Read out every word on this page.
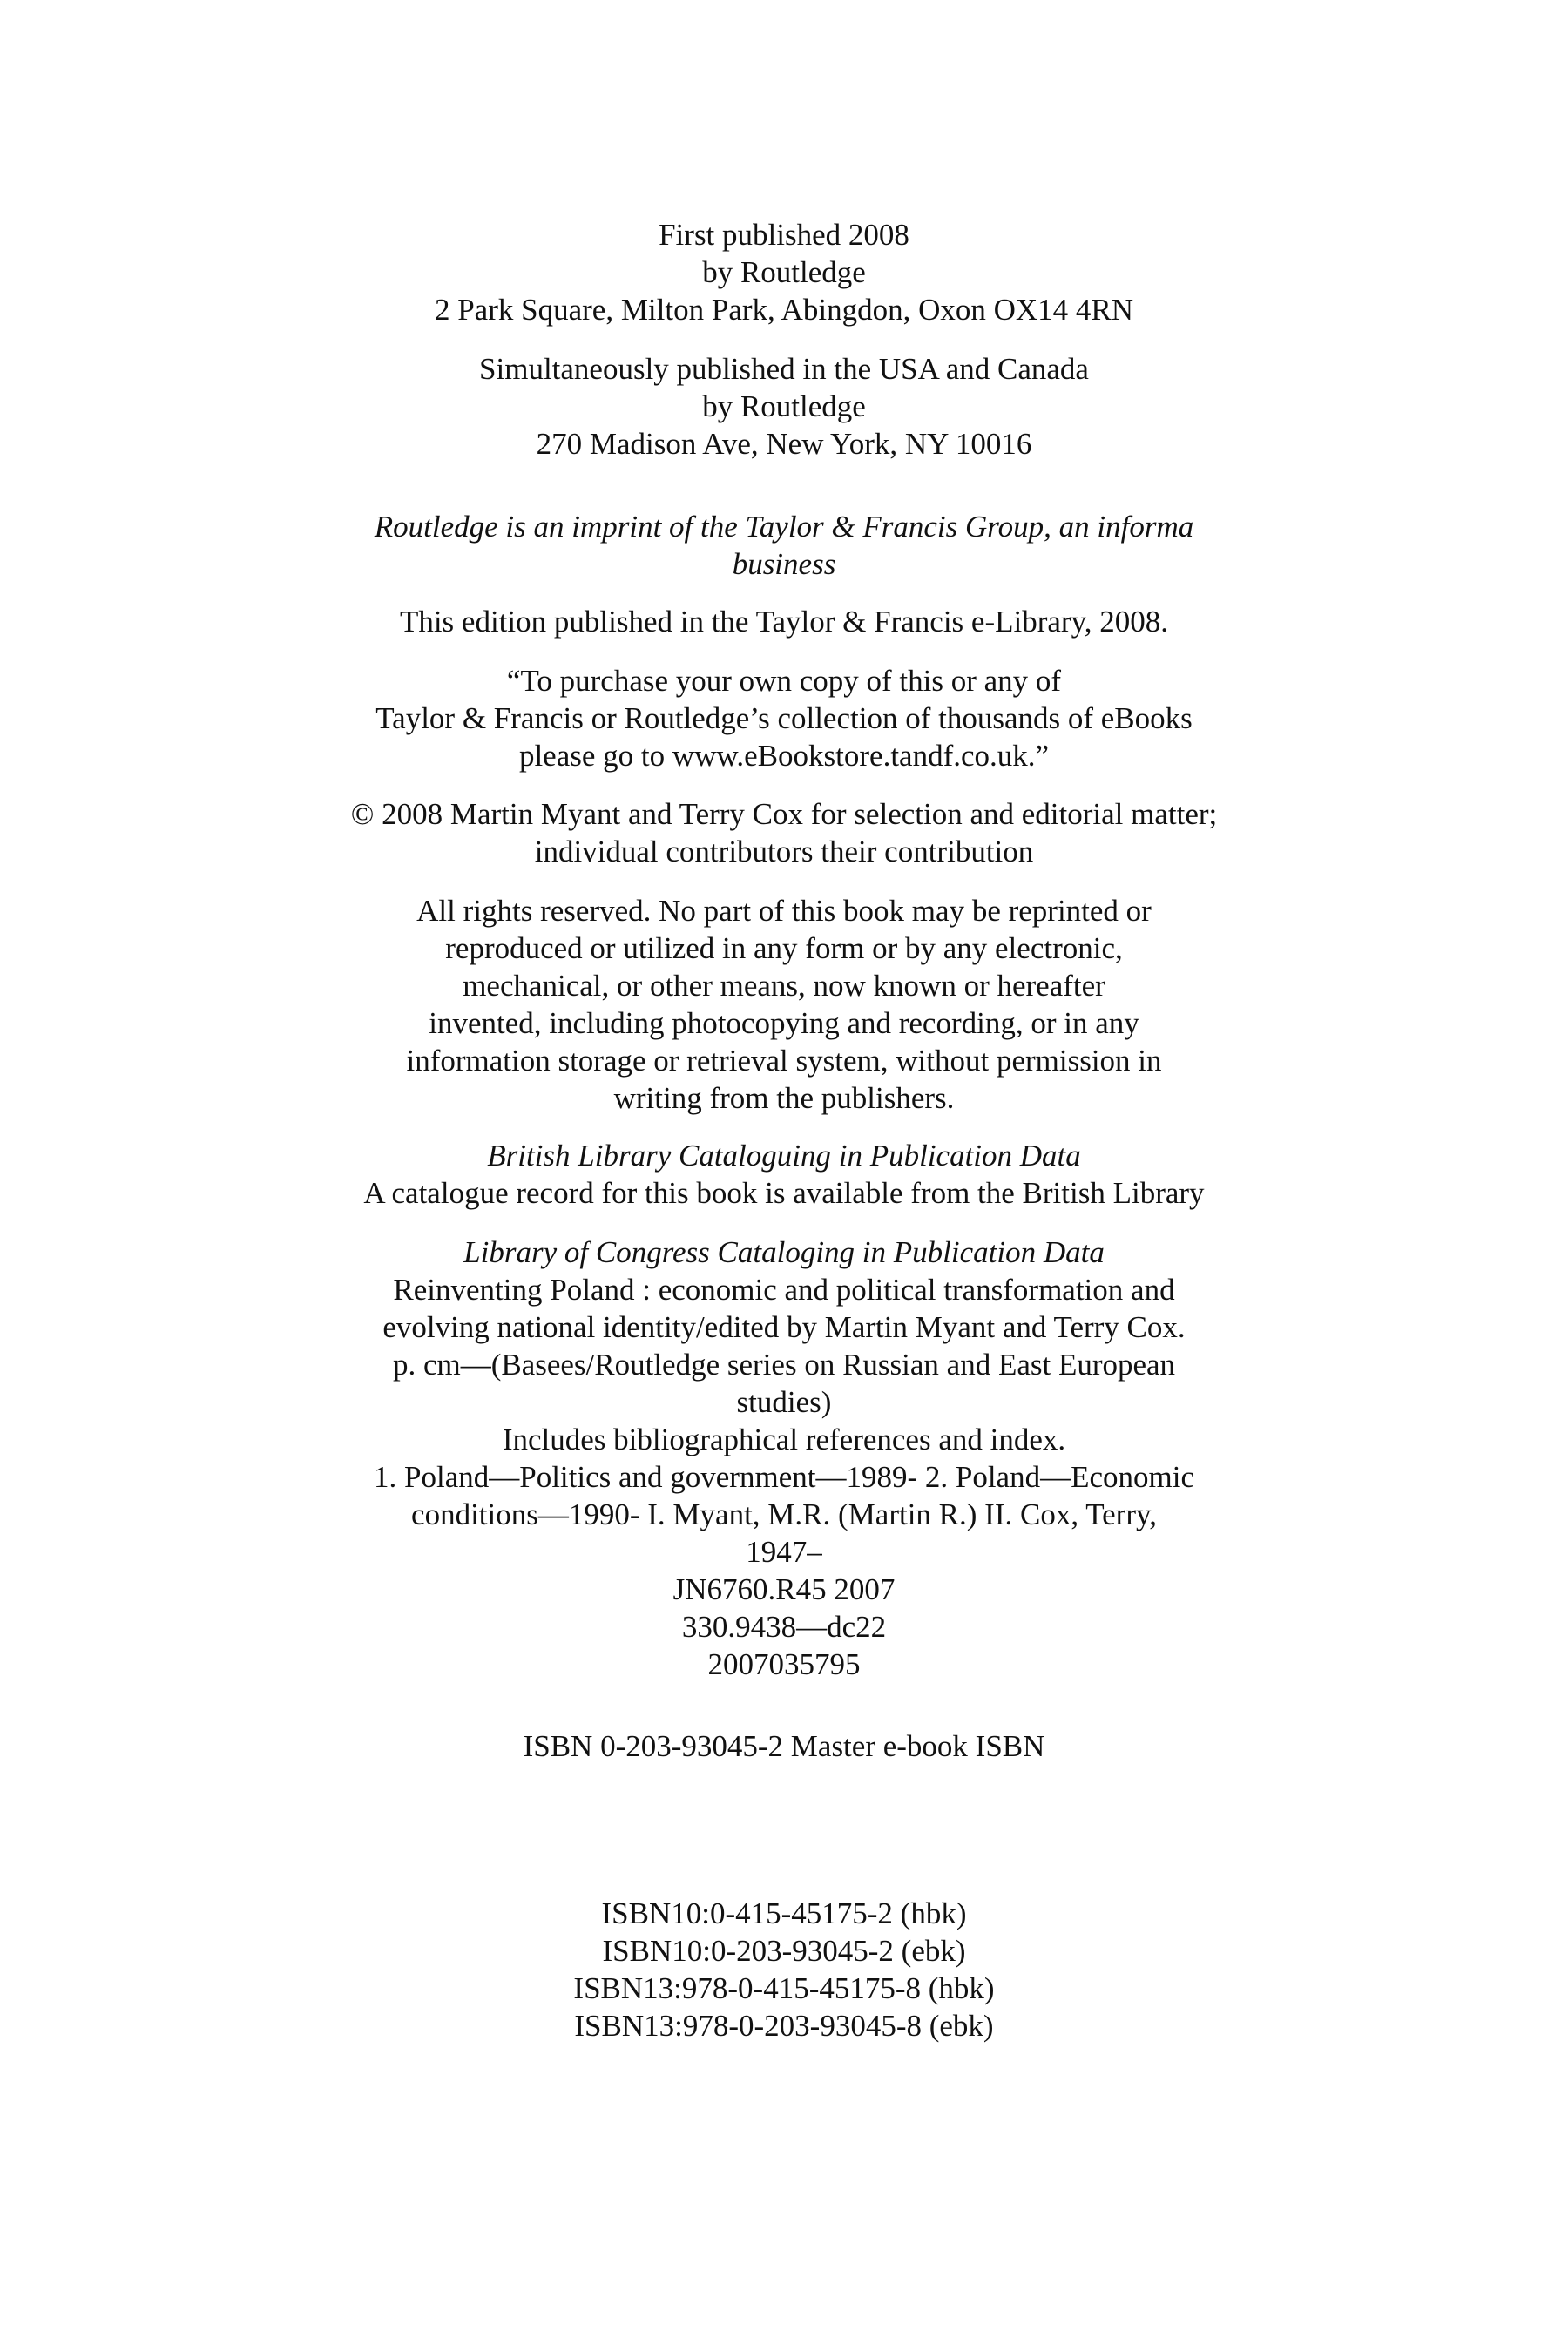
First published 2008
by Routledge
2 Park Square, Milton Park, Abingdon, Oxon OX14 4RN
Simultaneously published in the USA and Canada
by Routledge
270 Madison Ave, New York, NY 10016
Routledge is an imprint of the Taylor & Francis Group, an informa
business
This edition published in the Taylor & Francis e-Library, 2008.
“To purchase your own copy of this or any of
Taylor & Francis or Routledge’s collection of thousands of eBooks
please go to www.eBookstore.tandf.co.uk.”
© 2008 Martin Myant and Terry Cox for selection and editorial matter;
individual contributors their contribution
All rights reserved. No part of this book may be reprinted or
reproduced or utilized in any form or by any electronic,
mechanical, or other means, now known or hereafter
invented, including photocopying and recording, or in any
information storage or retrieval system, without permission in
writing from the publishers.
British Library Cataloguing in Publication Data
A catalogue record for this book is available from the British Library
Library of Congress Cataloging in Publication Data
Reinventing Poland : economic and political transformation and
evolving national identity/edited by Martin Myant and Terry Cox.
p. cm—(Basees/Routledge series on Russian and East European
studies)
Includes bibliographical references and index.
1. Poland—Politics and government—1989- 2. Poland—Economic
conditions—1990- I. Myant, M.R. (Martin R.) II. Cox, Terry,
1947–
JN6760.R45 2007
330.9438—dc22
2007035795
ISBN 0-203-93045-2 Master e-book ISBN
ISBN10:0-415-45175-2 (hbk)
ISBN10:0-203-93045-2 (ebk)
ISBN13:978-0-415-45175-8 (hbk)
ISBN13:978-0-203-93045-8 (ebk)
